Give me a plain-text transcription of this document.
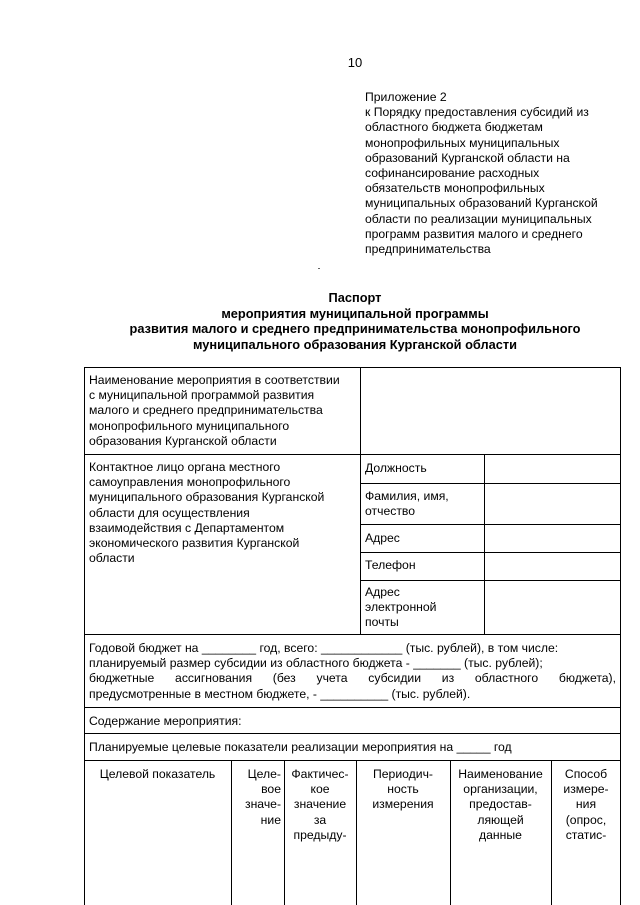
10
Приложение 2
к Порядку предоставления субсидий из
областного бюджета бюджетам
монопрофильных муниципальных
образований Курганской области на
софинансирование расходных
обязательств монопрофильных
муниципальных образований Курганской
области по реализации муниципальных
программ развития малого и среднего
предпринимательства
Паспорт
мероприятия муниципальной программы
развития малого и среднего предпринимательства монопрофильного
муниципального образования Курганской области
Наименование мероприятия в соответствии
с муниципальной программой развития
малого и среднего предпринимательства
монопрофильного муниципального
образования Курганской области
Контактное лицо органа местного
самоуправления монопрофильного
муниципального образования Курганской
области для осуществления
взаимодействия с Департаментом
экономического развития Курганской
области
Должность
Фамилия, имя,
отчество
Адрес
Телефон
Адрес
электронной
почты
Годовой бюджет на ________ год, всего: ____________ (тыс. рублей), в том числе:
планируемый размер субсидии из областного бюджета - _______ (тыс. рублей);
бюджетные ассигнования (без учета субсидии из областного бюджета),
предусмотренные в местном бюджете, - __________ (тыс. рублей).
Содержание мероприятия:
Планируемые целевые показатели реализации мероприятия на _____ год
Целевой показатель	Целе-
вое
значе-
ние
Фактичес-
кое
значение
за
предыду-
Периодич-
ность
измерения
Наименование
организации,
предостав-
ляющей
данные
Способ
измере-
ния
(опрос,
статис-
